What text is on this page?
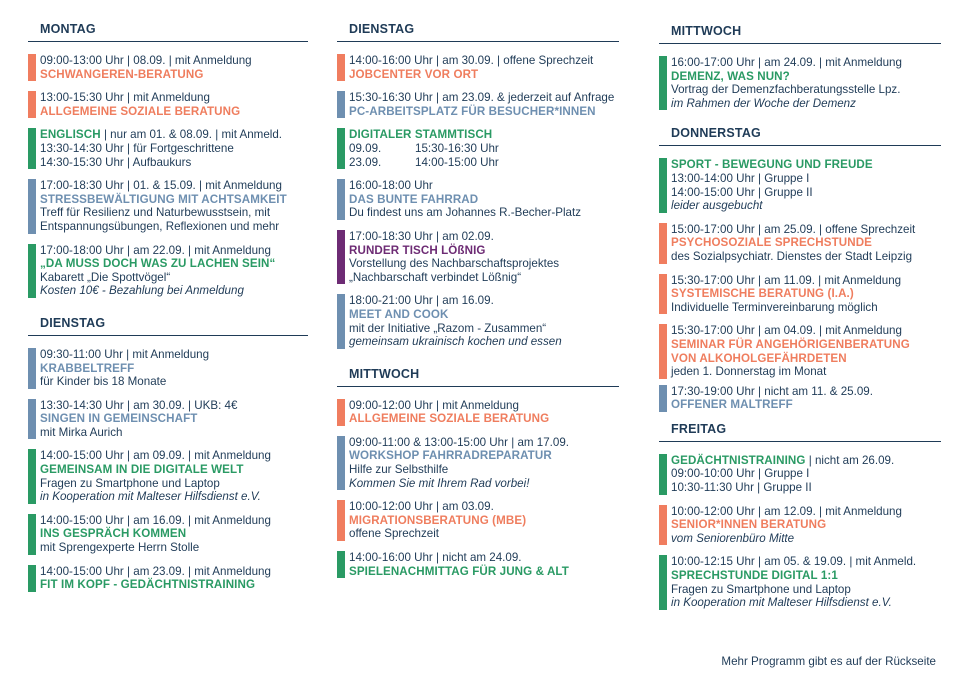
MONTAG
09:00-13:00 Uhr | 08.09. | mit Anmeldung
SCHWANGEREN-BERATUNG
13:00-15:30 Uhr | mit Anmeldung
ALLGEMEINE SOZIALE BERATUNG
ENGLISCH | nur am 01. & 08.09. | mit Anmeld.
13:30-14:30 Uhr | für Fortgeschrittene
14:30-15:30 Uhr | Aufbaukurs
17:00-18:30 Uhr | 01. & 15.09. | mit Anmeldung
STRESSBEWÄLTIGUNG MIT ACHTSAMKEIT
Treff für Resilienz und Naturbewusstsein, mit
Entspannungsübungen, Reflexionen und mehr
17:00-18:00 Uhr | am 22.09. | mit Anmeldung
„DA MUSS DOCH WAS ZU LACHEN SEIN“
Kabarett „Die Spottvögel“
Kosten 10€ - Bezahlung bei Anmeldung
DIENSTAG
09:30-11:00 Uhr | mit Anmeldung
KRABBELTREFF
für Kinder bis 18 Monate
13:30-14:30 Uhr | am 30.09. | UKB: 4€
SINGEN IN GEMEINSCHAFT
mit Mirka Aurich
14:00-15:00 Uhr | am 09.09. | mit Anmeldung
GEMEINSAM IN DIE DIGITALE WELT
Fragen zu Smartphone und Laptop
in Kooperation mit Malteser Hilfsdienst e.V.
14:00-15:00 Uhr | am 16.09. | mit Anmeldung
INS GESPRÄCH KOMMEN
mit Sprengexperte Herrn Stolle
14:00-15:00 Uhr | am 23.09. | mit Anmeldung
FIT IM KOPF - GEDÄCHTNISTRAINING
DIENSTAG
14:00-16:00 Uhr | am 30.09. | offene Sprechzeit
JOBCENTER VOR ORT
15:30-16:30 Uhr | am 23.09. & jederzeit auf Anfrage
PC-ARBEITSPLATZ FÜR BESUCHER*INNEN
DIGITALER STAMMTISCH
09.09.	15:30-16:30 Uhr
23.09.	14:00-15:00 Uhr
16:00-18:00 Uhr
DAS BUNTE FAHRRAD
Du findest uns am Johannes R.-Becher-Platz
17:00-18:30 Uhr | am 02.09.
RUNDER TISCH LÖßNIG
Vorstellung des Nachbarschaftsprojektes
„Nachbarschaft verbindet Lößnig“
18:00-21:00 Uhr | am 16.09.
MEET AND COOK
mit der Initiative „Razom - Zusammen“
gemeinsam ukrainisch kochen und essen
MITTWOCH
09:00-12:00 Uhr | mit Anmeldung
ALLGEMEINE SOZIALE BERATUNG
09:00-11:00 & 13:00-15:00 Uhr | am 17.09.
WORKSHOP FAHRRADREPARATUR
Hilfe zur Selbsthilfe
Kommen Sie mit Ihrem Rad vorbei!
10:00-12:00 Uhr | am 03.09.
MIGRATIONSBERATUNG (MBE)
offene Sprechzeit
14:00-16:00 Uhr | nicht am 24.09.
SPIELENACHMITTAG FÜR JUNG & ALT
MITTWOCH
16:00-17:00 Uhr | am 24.09. | mit Anmeldung
DEMENZ, WAS NUN?
Vortrag der Demenzfachberatungsstelle Lpz.
im Rahmen der Woche der Demenz
DONNERSTAG
SPORT - BEWEGUNG UND FREUDE
13:00-14:00 Uhr | Gruppe I
14:00-15:00 Uhr | Gruppe II
leider ausgebucht
15:00-17:00 Uhr | am 25.09. | offene Sprechzeit
PSYCHOSOZIALE SPRECHSTUNDE
des Sozialpsychiatr. Dienstes der Stadt Leipzig
15:30-17:00 Uhr | am 11.09. | mit Anmeldung
SYSTEMISCHE BERATUNG (I.A.)
Individuelle Terminvereinbarung möglich
15:30-17:00 Uhr | am 04.09. | mit Anmeldung
SEMINAR FÜR ANGEHÖRIGENBERATUNG
VON ALKOHOLGEFÄHRDETEN
jeden 1. Donnerstag im Monat
17:30-19:00 Uhr | nicht am 11. & 25.09.
OFFENER MALTREFF
FREITAG
GEDÄCHTNISTRAINING | nicht am 26.09.
09:00-10:00 Uhr | Gruppe I
10:30-11:30 Uhr | Gruppe II
10:00-12:00 Uhr | am 12.09. | mit Anmeldung
SENIOR*INNEN BERATUNG
vom Seniorenbüro Mitte
10:00-12:15 Uhr | am 05. & 19.09. | mit Anmeld.
SPRECHSTUNDE DIGITAL 1:1
Fragen zu Smartphone und Laptop
in Kooperation mit Malteser Hilfsdienst e.V.
Mehr Programm gibt es auf der Rückseite
